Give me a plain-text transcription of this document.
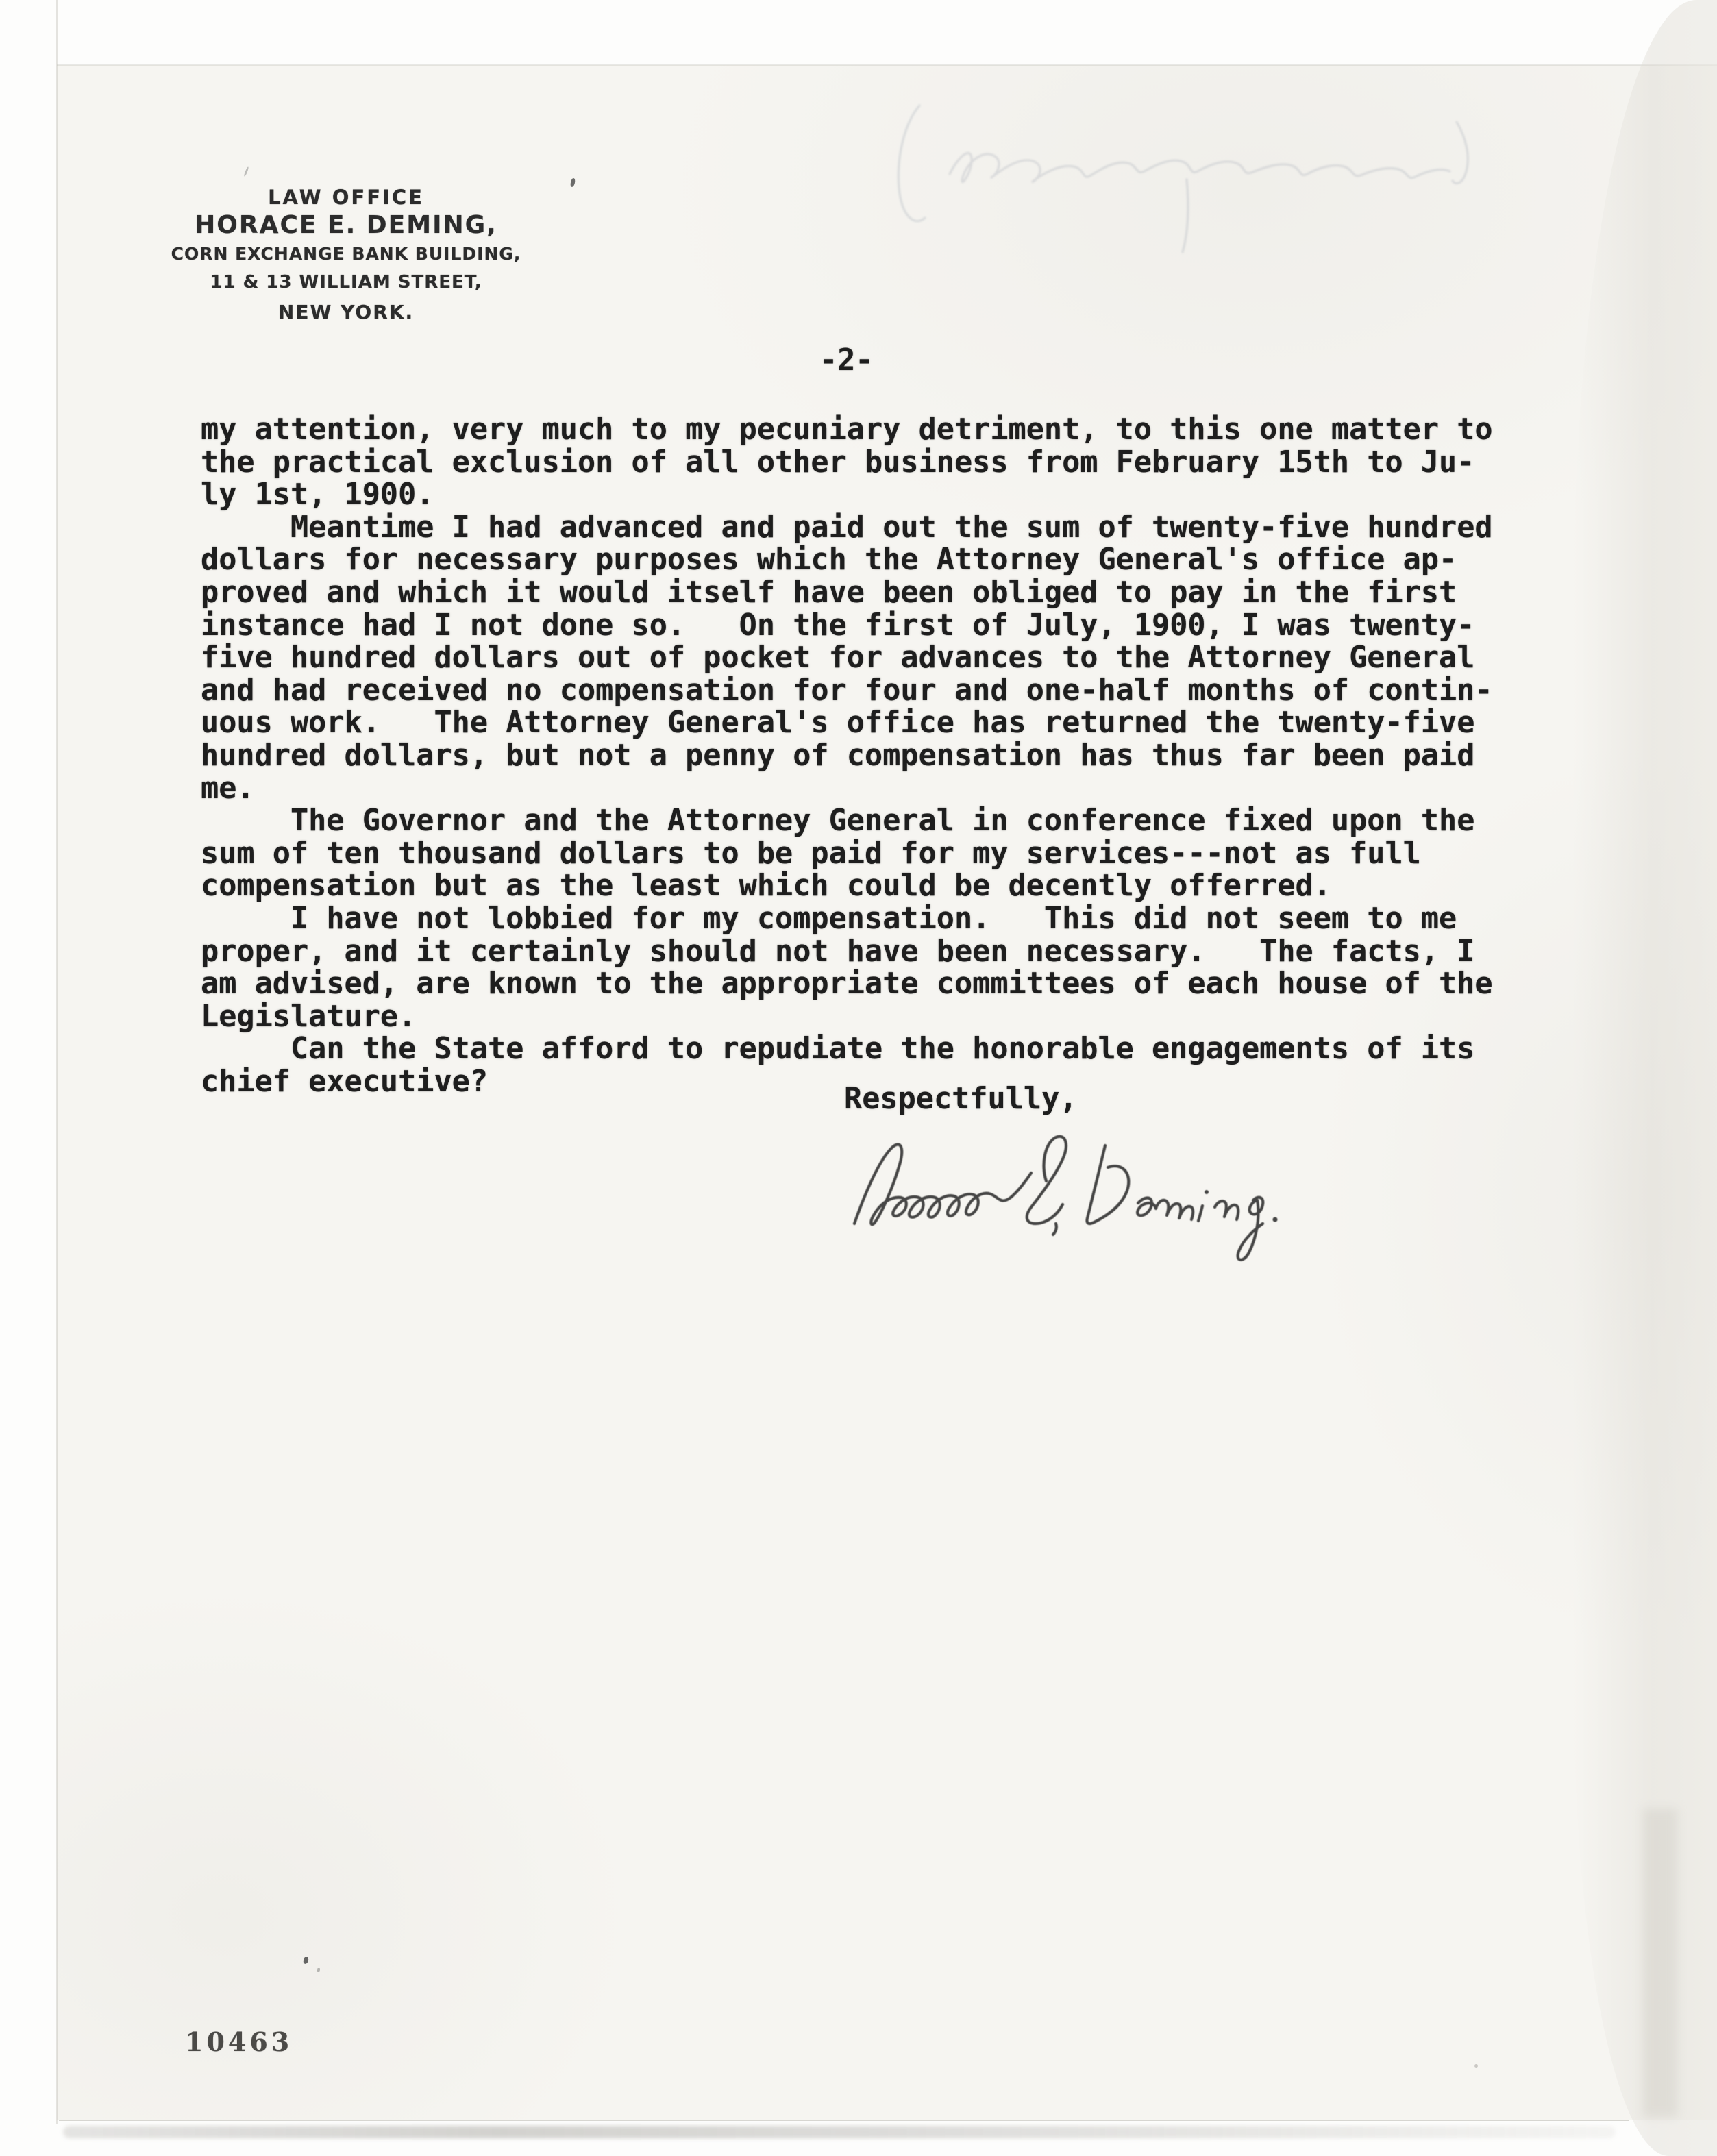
LAW OFFICE
HORACE E. DEMING,
CORN EXCHANGE BANK BUILDING,
11 & 13 WILLIAM STREET,
NEW YORK.
-2-
my attention, very much to my pecuniary detriment, to this one matter to
the practical exclusion of all other business from February 15th to Ju-
ly 1st, 1900.
Meantime I had advanced and paid out the sum of twenty-five hundred
dollars for necessary purposes which the Attorney General's office ap-
proved and which it would itself have been obliged to pay in the first
instance had I not done so.   On the first of July, 1900, I was twenty-
five hundred dollars out of pocket for advances to the Attorney General
and had received no compensation for four and one-half months of contin-
uous work.   The Attorney General's office has returned the twenty-five
hundred dollars, but not a penny of compensation has thus far been paid
me.
The Governor and the Attorney General in conference fixed upon the
sum of ten thousand dollars to be paid for my services---not as full
compensation but as the least which could be decently offerred.
I have not lobbied for my compensation.   This did not seem to me
proper, and it certainly should not have been necessary.   The facts, I
am advised, are known to the appropriate committees of each house of the
Legislature.
Can the State afford to repudiate the honorable engagements of its
chief executive?
Respectfully,
10463
